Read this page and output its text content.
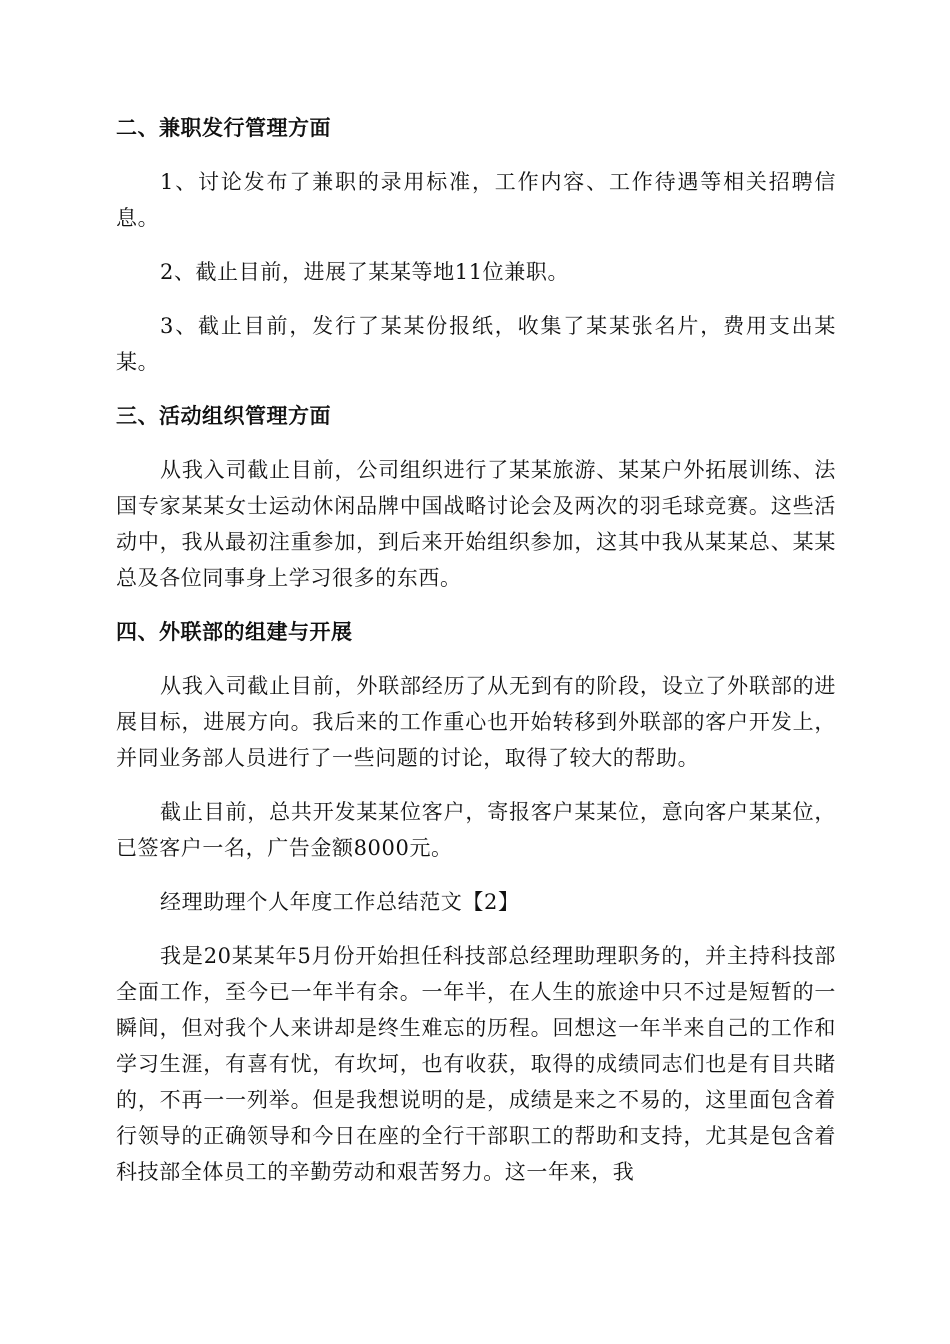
二、兼职发行管理方面

1、讨论发布了兼职的录用标准，工作内容、工作待遇等相关招聘信息。

2、截止目前，进展了某某等地11位兼职。

3、截止目前，发行了某某份报纸，收集了某某张名片，费用支出某某。

三、活动组织管理方面

从我入司截止目前，公司组织进行了某某旅游、某某户外拓展训练、法国专家某某女士运动休闲品牌中国战略讨论会及两次的羽毛球竞赛。这些活动中，我从最初注重参加，到后来开始组织参加，这其中我从某某总、某某总及各位同事身上学习很多的东西。

四、外联部的组建与开展

从我入司截止目前，外联部经历了从无到有的阶段，设立了外联部的进展目标，进展方向。我后来的工作重心也开始转移到外联部的客户开发上，并同业务部人员进行了一些问题的讨论，取得了较大的帮助。

截止目前，总共开发某某位客户，寄报客户某某位，意向客户某某位，已签客户一名，广告金额8000元。

经理助理个人年度工作总结范文【2】

我是20某某年5月份开始担任科技部总经理助理职务的，并主持科技部全面工作，至今已一年半有余。一年半，在人生的旅途中只不过是短暂的一瞬间，但对我个人来讲却是终生难忘的历程。回想这一年半来自己的工作和学习生涯，有喜有忧，有坎坷，也有收获，取得的成绩同志们也是有目共睹的，不再一一列举。但是我想说明的是，成绩是来之不易的，这里面包含着行领导的正确领导和今日在座的全行干部职工的帮助和支持，尤其是包含着科技部全体员工的辛勤劳动和艰苦努力。这一年来，我
